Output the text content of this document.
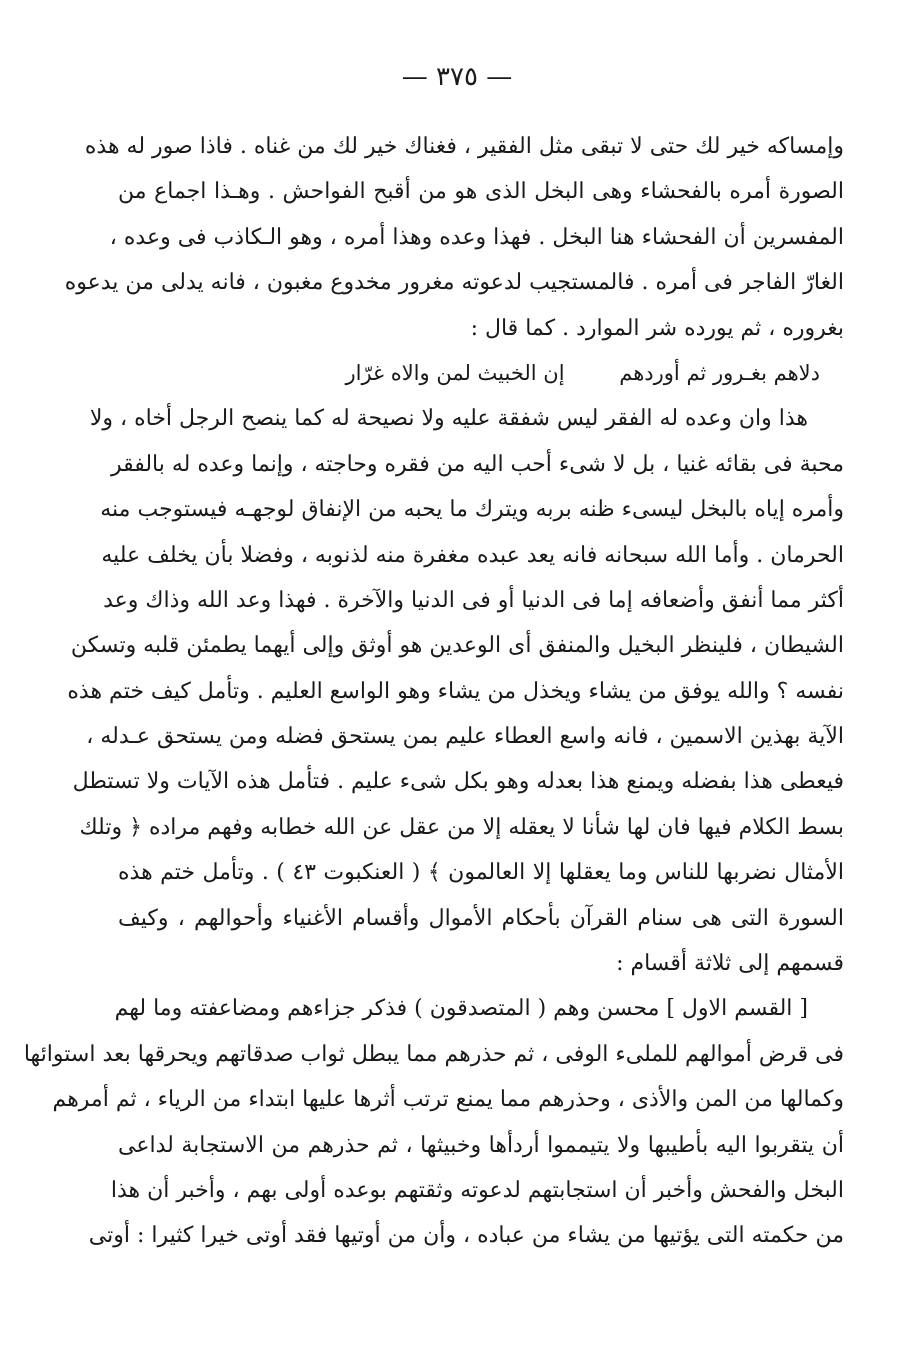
— ٣٧٥ —
وإمساكه خير لك حتى لا تبقى مثل الفقير ، فغناك خير لك من غناه . فاذا صور له هذه
الصورة أمره بالفحشاء وهى البخل الذى هو من أقبح الفواحش . وهـذا اجماع من
المفسرين أن الفحشاء هنا البخل . فهذا وعده وهذا أمره ، وهو الـكاذب فى وعده ،
الغارّ الفاجر فى أمره . فالمستجيب لدعوته مغرور مخدوع مغبون ، فانه يدلى من يدعوه
بغروره ، ثم يورده شر الموارد . كما قال :
دلاهم بغـرور ثم أوردهم إن الخبيث لمن والاه غرّار
هذا وان وعده له الفقر ليس شفقة عليه ولا نصيحة له كما ينصح الرجل أخاه ، ولا
محبة فى بقائه غنيا ، بل لا شىء أحب اليه من فقره وحاجته ، وإنما وعده له بالفقر
وأمره إياه بالبخل ليسىء ظنه بربه ويترك ما يحبه من الإنفاق لوجهـه فيستوجب منه
الحرمان . وأما الله سبحانه فانه يعد عبده مغفرة منه لذنوبه ، وفضلا بأن يخلف عليه
أكثر مما أنفق وأضعافه إما فى الدنيا أو فى الدنيا والآخرة . فهذا وعد الله وذاك وعد
الشيطان ، فلينظر البخيل والمنفق أى الوعدين هو أوثق وإلى أيهما يطمئن قلبه وتسكن
نفسه ؟ والله يوفق من يشاء ويخذل من يشاء وهو الواسع العليم . وتأمل كيف ختم هذه
الآية بهذين الاسمين ، فانه واسع العطاء عليم بمن يستحق فضله ومن يستحق عـدله ،
فيعطى هذا بفضله ويمنع هذا بعدله وهو بكل شىء عليم . فتأمل هذه الآيات ولا تستطل
بسط الكلام فيها فان لها شأنا لا يعقله إلا من عقل عن الله خطابه وفهم مراده ﴿ وتلك
الأمثال نضربها للناس وما يعقلها إلا العالمون ﴾ ( العنكبوت ٤٣ ) . وتأمل ختم هذه
السورة التى هى سنام القرآن بأحكام الأموال وأقسام الأغنياء وأحوالهم ، وكيف
قسمهم إلى ثلاثة أقسام :
[ القسم الاول ] محسن وهم ( المتصدقون ) فذكر جزاءهم ومضاعفته وما لهم
فى قرض أموالهم للملىء الوفى ، ثم حذرهم مما يبطل ثواب صدقاتهم ويحرقها بعد استوائها
وكمالها من المن والأذى ، وحذرهم مما يمنع ترتب أثرها عليها ابتداء من الرياء ، ثم أمرهم
أن يتقربوا اليه بأطيبها ولا يتيمموا أردأها وخبيثها ، ثم حذرهم من الاستجابة لداعى
البخل والفحش وأخبر أن استجابتهم لدعوته وثقتهم بوعده أولى بهم ، وأخبر أن هذا
من حكمته التى يؤتيها من يشاء من عباده ، وأن من أوتيها فقد أوتى خيرا كثيرا : أوتى
